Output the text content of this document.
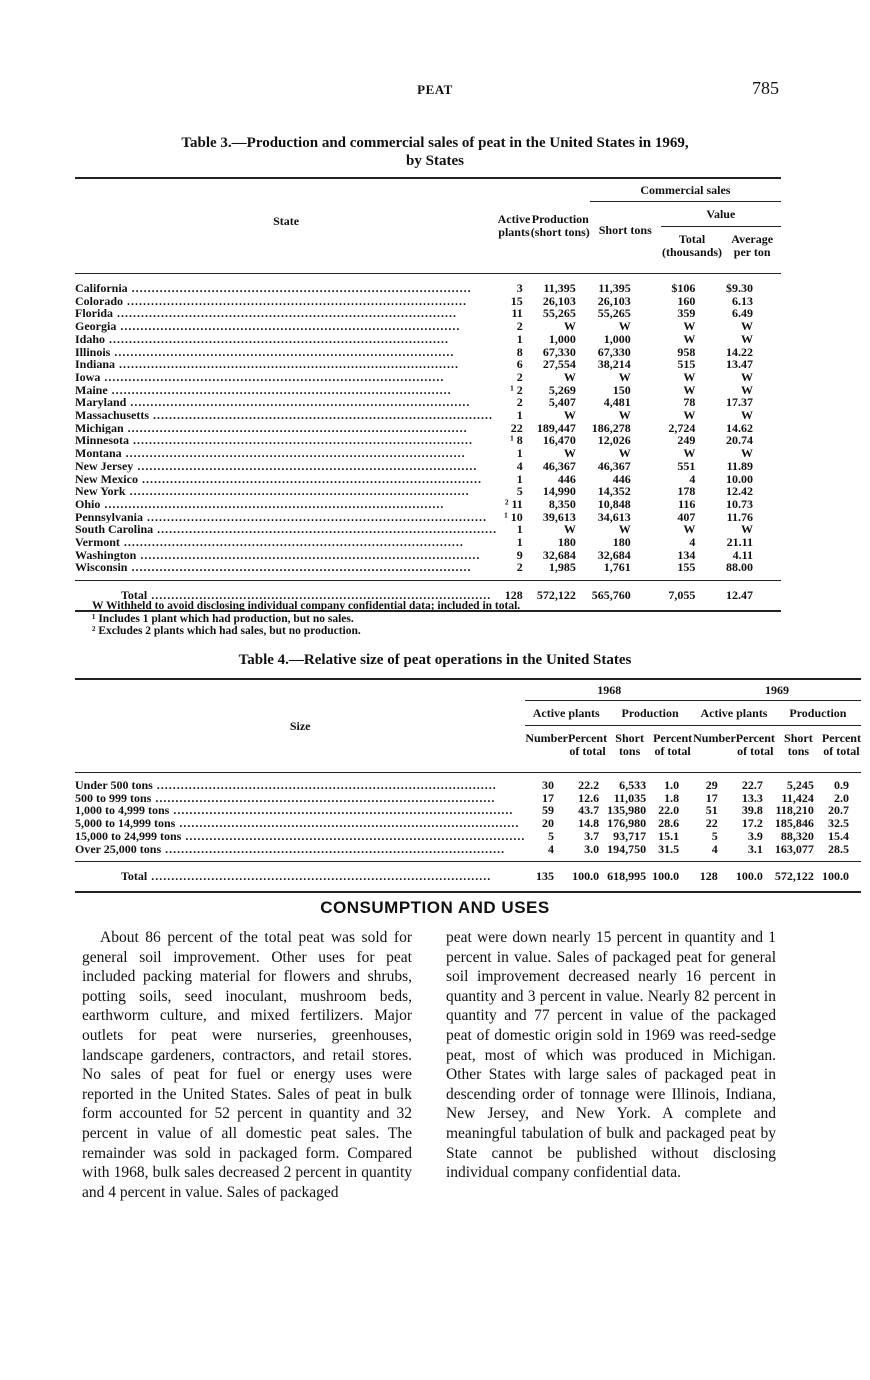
PEAT	785
Table 3.—Production and commercial sales of peat in the United States in 1969,
by States
State	Active plants	Production (short tons)	Commercial sales		
			Short tons	Value	
				Total (thousands)	Average per ton
California .....	3	11,395	11,395	$106	$9.30
Colorado .....	15	26,103	26,103	160	6.13
Florida .....	11	55,265	55,265	359	6.49
Georgia .....	2	W	W	W	W
Idaho .....	1	1,000	1,000	W	W
Illinois .....	8	67,330	67,330	958	14.22
Indiana .....	6	27,554	38,214	515	13.47
Iowa .....	2	W	W	W	W
Maine .....	¹ 2	5,269	150	W	W
Maryland .....	2	5,407	4,481	78	17.37
Massachusetts .....	1	W	W	W	W
Michigan .....	22	189,447	186,278	2,724	14.62
Minnesota .....	¹ 8	16,470	12,026	249	20.74
Montana .....	1	W	W	W	W
New Jersey .....	4	46,367	46,367	551	11.89
New Mexico .....	1	446	446	4	10.00
New York .....	5	14,990	14,352	178	12.42
Ohio .....	² 11	8,350	10,848	116	10.73
Pennsylvania .....	¹ 10	39,613	34,613	407	11.76
South Carolina .....	1	W	W	W	W
Vermont .....	1	180	180	4	21.11
Washington .....	9	32,684	32,684	134	4.11
Wisconsin .....	2	1,985	1,761	155	88.00

Total .....	128	572,122	565,760	7,055	12.47
W Withheld to avoid disclosing individual company confidential data; included in total.
¹ Includes 1 plant which had production, but no sales.
² Excludes 2 plants which had sales, but no production.
Table 4.—Relative size of peat operations in the United States
Size	1968				1969			
	Active plants		Production		Active plants		Production	
	Number	Percent of total	Short tons	Percent of total	Number	Percent of total	Short tons	Percent of total
Under 500 tons .....	30	22.2	6,533	1.0	29	22.7	5,245	0.9
500 to 999 tons .....	17	12.6	11,035	1.8	17	13.3	11,424	2.0
1,000 to 4,999 tons .....	59	43.7	135,980	22.0	51	39.8	118,210	20.7
5,000 to 14,999 tons .....	20	14.8	176,980	28.6	22	17.2	185,846	32.5
15,000 to 24,999 tons .....	5	3.7	93,717	15.1	5	3.9	88,320	15.4
Over 25,000 tons .....	4	3.0	194,750	31.5	4	3.1	163,077	28.5

Total .....	135	100.0	618,995	100.0	128	100.0	572,122	100.0
CONSUMPTION AND USES
About 86 percent of the total peat was sold for general soil improvement. Other uses for peat included packing material for flowers and shrubs, potting soils, seed inoculant, mushroom beds, earthworm culture, and mixed fertilizers. Major outlets for peat were nurseries, greenhouses, landscape gardeners, contractors, and retail stores. No sales of peat for fuel or energy uses were reported in the United States. Sales of peat in bulk form accounted for 52 percent in quantity and 32 percent in value of all domestic peat sales. The remainder was sold in packaged form. Compared with 1968, bulk sales decreased 2 percent in quantity and 4 percent in value. Sales of packaged
peat were down nearly 15 percent in quantity and 1 percent in value. Sales of packaged peat for general soil improvement decreased nearly 16 percent in quantity and 3 percent in value. Nearly 82 percent in quantity and 77 percent in value of the packaged peat of domestic origin sold in 1969 was reed-sedge peat, most of which was produced in Michigan. Other States with large sales of packaged peat in descending order of tonnage were Illinois, Indiana, New Jersey, and New York. A complete and meaningful tabulation of bulk and packaged peat by State cannot be published without disclosing individual company confidential data.
